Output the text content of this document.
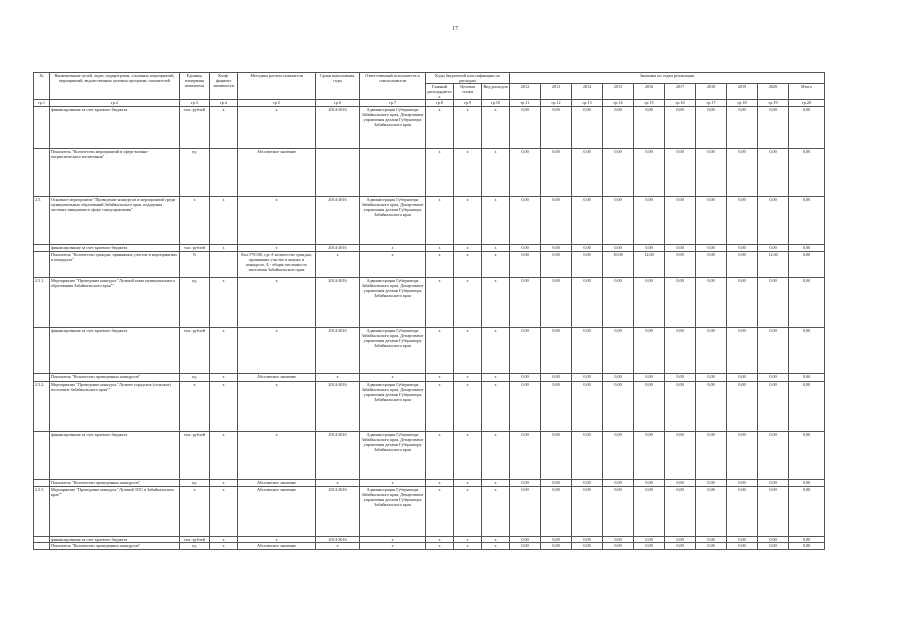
17
№	Наименование целей, задач, подпрограмм, основных мероприятий, мероприятий, ведомственных целевых программ, показателей	Единица измерения показателя	Коэф-фициент значимости	Методика расчета показателя	Сроки выполнения, годы	Ответственный исполнитель и соисполнители	Коды бюджетной классификации по расходам			Значения по годам реализации									
							Главный распорядитель	Целевая статья	Вид расходов	2012	2013	2014	2015	2016	2017	2018	2019	2020	Итого
гр.1	гр.2	гр.3	гр.4	гр.5	гр.6	гр.7	гр.8	гр.9	гр.10	гр.11	гр.12	гр.13	гр.14	гр.15	гр.16	гр.17	гр.18	гр.19	гр.20
	финансирование за счет краевого бюджета	тыс. рублей	х	х	2014-2016	Администрация Губернатора Забайкальского края, Департамент управления делами Губернатора Забайкальского края	х	х	х	0,00	0,00	0,00	0,00	0,00	0,00	0,00	0,00	0,00	0,00
	Показатель "Количество мероприятий в сфере военно-патриотического воспитания"	ед.		Абсолютное значение			х	х	х	0,00	0,00	0,00	0,00	0,00	0,00	0,00	0,00	0,00	0,00
2.5.	Основное мероприятие "Проведение конкурсов и мероприятий среди муниципальных образований Забайкальского края, поддержка местных инициатив в сфере самоуправления"	х	х	х	2014-2016	Администрация Губернатора Забайкальского края, Департамент управления делами Губернатора Забайкальского края	х	х	х	0,00	0,00	0,00	0,00	0,00	0,00	0,00	0,00	0,00	0,00
	финансирование за счет краевого бюджета	тыс. рублей	х	х	2014-2016	х	х	х	х	0,00	0,00	0,00	0,00	0,00	0,00	0,00	0,00	0,00	0,00
	Показатель "Количество граждан, принявших участие в мероприятиях и конкурсах"	%		Кол.УЧ/100, где А количество граждан, принявших участие в акциях и конкурсах, Б - общая численность населения Забайкальского края	х	х	х	х	х	0,00	0,00	0,00	10,00	12,00	0,00	0,00	0,00	12,00	0,00
2.5.1.	Мероприятие "Проведение конкурса "Лучший глава муниципального образования Забайкальского края""	ед.	х	х	2014-2016	Администрация Губернатора Забайкальского края, Департамент управления делами Губернатора Забайкальского края	х	х	х	0,00	0,00	0,00	0,00	0,00	0,00	0,00	0,00	0,00	0,00
	финансирование за счет краевого бюджета	тыс. рублей	х	х	2014-2016	Администрация Губернатора Забайкальского края, Департамент управления делами Губернатора Забайкальского края	х	х	х	0,00	0,00	0,00	0,00	0,00	0,00	0,00	0,00	0,00	0,00
	Показатель "Количество проведенных конкурсов"	ед.	х	Абсолютное значение	х	х	х	х	х	0,00	0,00	0,00	0,00	0,00	0,00	0,00	0,00	0,00	0,00
2.5.2.	Мероприятие "Проведение конкурса "Лучшее городское (сельское) поселение Забайкальского края""	х	х	х	2014-2016	Администрация Губернатора Забайкальского края, Департамент управления делами Губернатора Забайкальского края	х	х	х	0,00	0,00	0,00	0,00	0,00	0,00	0,00	0,00	0,00	0,00
	финансирование за счет краевого бюджета	тыс. рублей	х	х	2014-2016	Администрация Губернатора Забайкальского края, Департамент управления делами Губернатора Забайкальского края	х	х	х	0,00	0,00	0,00	0,00	0,00	0,00	0,00	0,00	0,00	0,00
	Показатель "Количество проведенных конкурсов"	ед.	х	Абсолютное значение	х	х	х	х	х	0,00	0,00	0,00	0,00	0,00	0,00	0,00	0,00	0,00	0,00
2.5.3.	Мероприятие "Проведение конкурса "Лучший ТОС в Забайкальском крае""	х	х	Абсолютное значение	2014-2016	Администрация Губернатора Забайкальского края, Департамент управления делами Губернатора Забайкальского края	х	х	х	0,00	0,00	0,00	0,00	0,00	0,00	0,00	0,00	0,00	0,00
	финансирование за счет краевого бюджета	тыс. рублей	х	х	2014-2016	х	х	х	х	0,00	0,00	0,00	0,00	0,00	0,00	0,00	0,00	0,00	0,00
	Показатель "Количество проведенных конкурсов"	ед.	х	Абсолютное значение	х	х	х	х	х	0,00	0,00	0,00	0,00	0,00	0,00	0,00	0,00	0,00	0,00
